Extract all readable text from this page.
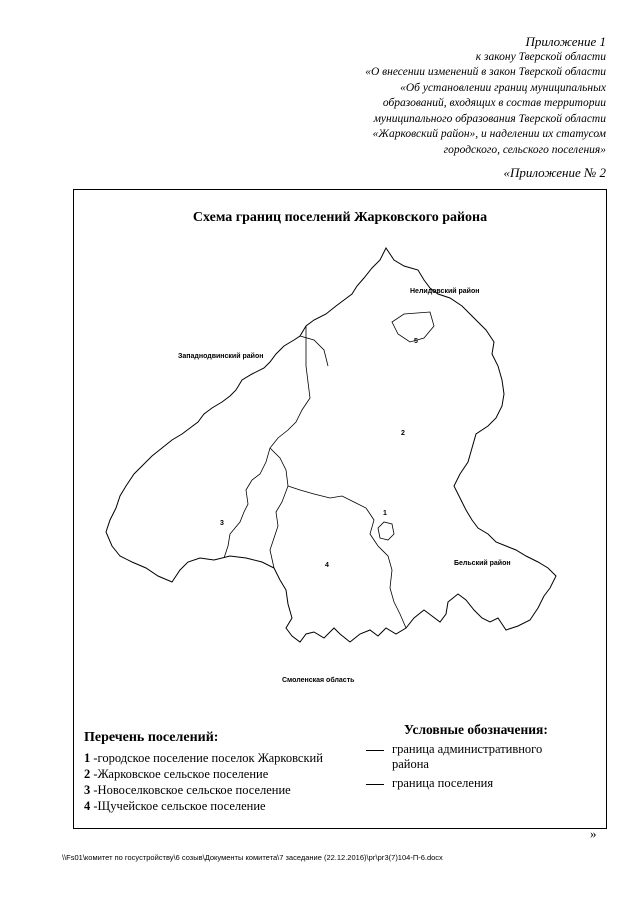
Приложение 1
к закону Тверской области
«О внесении изменений в закон Тверской области
«Об установлении границ муниципальных
образований, входящих в состав территории
муниципального образования Тверской области
«Жарковский район», и наделении их статусом
городского, сельского поселения»
«Приложение № 2
Схема границ поселений Жарковского района
Нелидовский район
Западнодвинский район
Бельский район
Смоленская область
2
3
4
1
5
Перечень поселений:
1 -городское поселение поселок Жарковский
2 -Жарковское сельское поселение
3 -Новоселковское сельское поселение
4 -Щучейское сельское поселение
Условные обозначения:
граница административного
района
граница поселения
»
\\Fs01\комитет по госустройству\6 созыв\Документы комитета\7 заседание (22.12.2016)\рг\рг3(7)104-П-6.docx
